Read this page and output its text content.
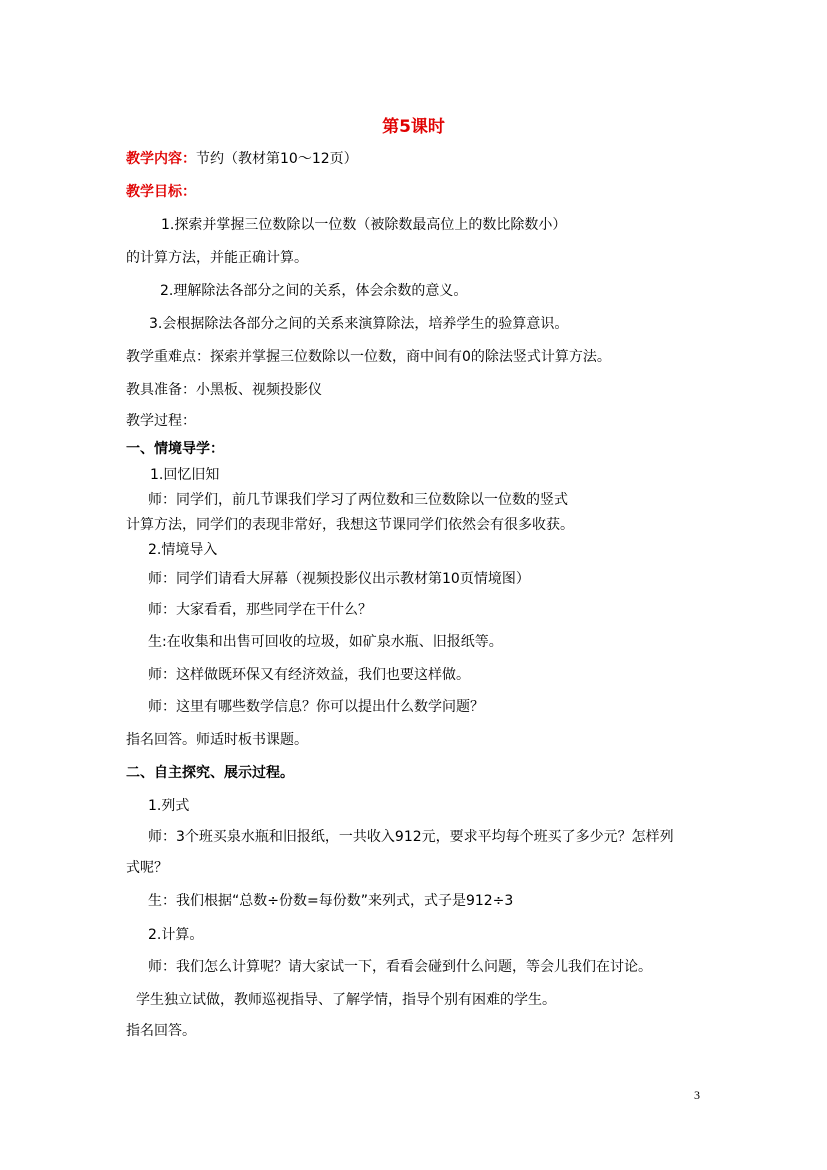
第5课时
教学内容：节约（教材第10～12页）
教学目标：
1.探索并掌握三位数除以一位数（被除数最高位上的数比除数小）
的计算方法，并能正确计算。
2.理解除法各部分之间的关系，体会余数的意义。
3.会根据除法各部分之间的关系来演算除法，培养学生的验算意识。
教学重难点：探索并掌握三位数除以一位数，商中间有0的除法竖式计算方法。
教具准备：小黑板、视频投影仪
教学过程：
一、情境导学：
1.回忆旧知
师：同学们，前几节课我们学习了两位数和三位数除以一位数的竖式
计算方法，同学们的表现非常好，我想这节课同学们依然会有很多收获。
2.情境导入
师：同学们请看大屏幕（视频投影仪出示教材第10页情境图）
师：大家看看，那些同学在干什么？
生:在收集和出售可回收的垃圾，如矿泉水瓶、旧报纸等。
师：这样做既环保又有经济效益，我们也要这样做。
师：这里有哪些数学信息？你可以提出什么数学问题？
指名回答。师适时板书课题。
二、自主探究、展示过程。
1.列式
师：3个班买泉水瓶和旧报纸，一共收入912元，要求平均每个班买了多少元？怎样列
式呢？
生：我们根据“总数÷份数=每份数”来列式，式子是912÷3
2.计算。
师：我们怎么计算呢？请大家试一下，看看会碰到什么问题，等会儿我们在讨论。
学生独立试做，教师巡视指导、了解学情，指导个别有困难的学生。
指名回答。
3
